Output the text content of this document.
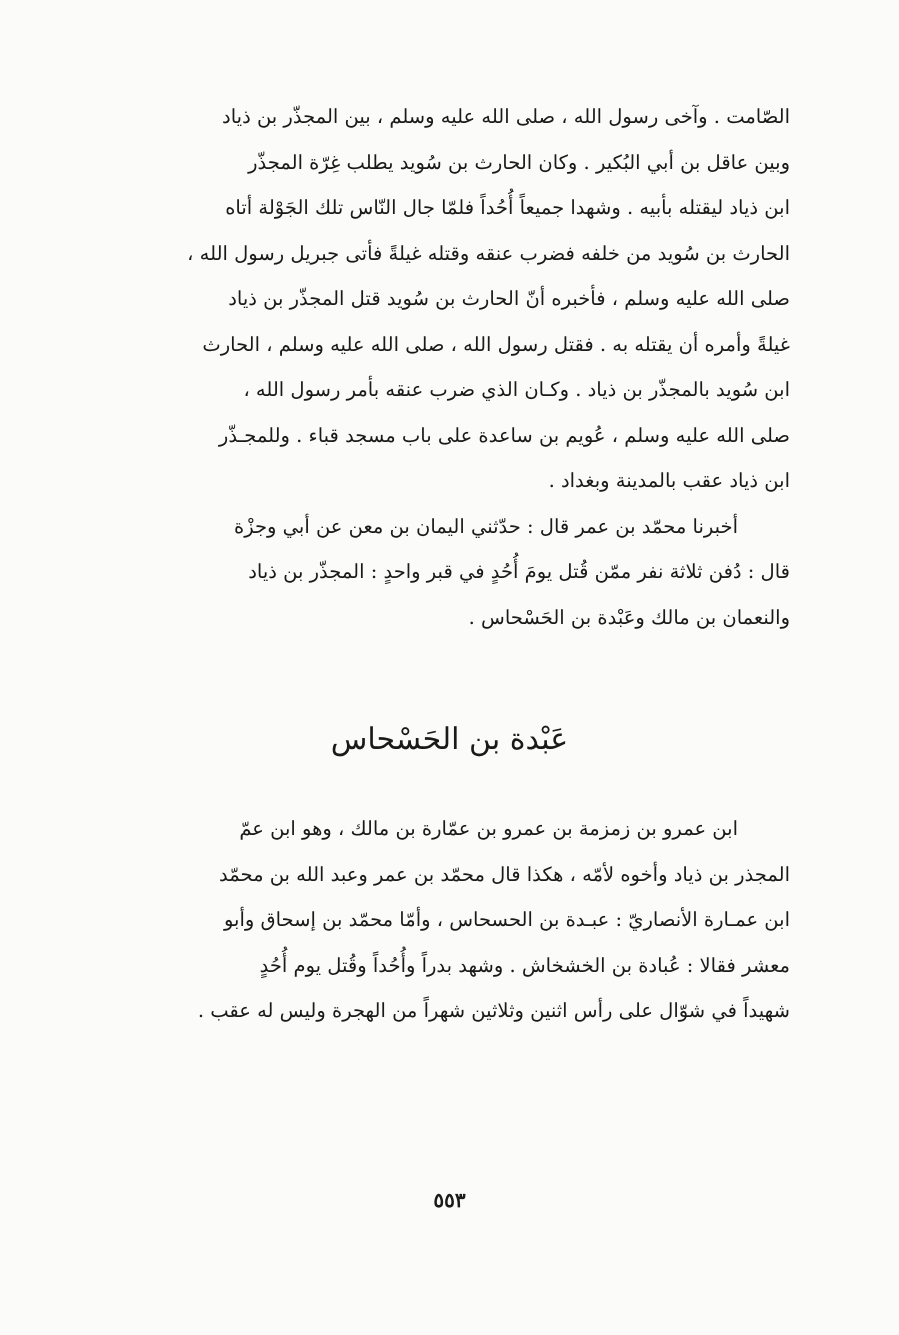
الصّامت . وآخى رسول الله ، صلى الله عليه وسلم ، بين المجذّر بن ذياد
وبين عاقل بن أبي البُكير . وكان الحارث بن سُويد يطلب غِرّة المجذّر
ابن ذياد ليقتله بأبيه . وشهدا جميعاً أُحُداً فلمّا جال النّاس تلك الجَوْلة أتاه
الحارث بن سُويد من خلفه فضرب عنقه وقتله غيلةً فأتى جبريل رسول الله ،
صلى الله عليه وسلم ، فأخبره أنّ الحارث بن سُويد قتل المجذّر بن ذياد
غيلةً وأمره أن يقتله به . فقتل رسول الله ، صلى الله عليه وسلم ، الحارث
ابن سُويد بالمجذّر بن ذياد . وكـان الذي ضرب عنقه بأمر رسول الله ،
صلى الله عليه وسلم ، عُويم بن ساعدة على باب مسجد قباء . وللمجـذّر
ابن ذياد عقب بالمدينة وبغداد .
أخبرنا محمّد بن عمر قال : حدّثني اليمان بن معن عن أبي وجزْة
قال : دُفن ثلاثة نفر ممّن قُتل يومَ أُحُدٍ في قبر واحدٍ : المجذّر بن ذياد
والنعمان بن مالك وعَبْدة بن الحَسْحاس .
عَبْدة بن الحَسْحاس
ابن عمرو بن زمزمة بن عمرو بن عمّارة بن مالك ، وهو ابن عمّ
المجذر بن ذياد وأخوه لأمّه ، هكذا قال محمّد بن عمر وعبد الله بن محمّد
ابن عمـارة الأنصاريّ : عبـدة بن الحسحاس ، وأمّا محمّد بن إسحاق وأبو
معشر فقالا : عُبادة بن الخشخاش . وشهد بدراً وأُحُداً وقُتل يوم أُحُدٍ
شهيداً في شوّال على رأس اثنين وثلاثين شهراً من الهجرة وليس له عقب .
٥٥٣
